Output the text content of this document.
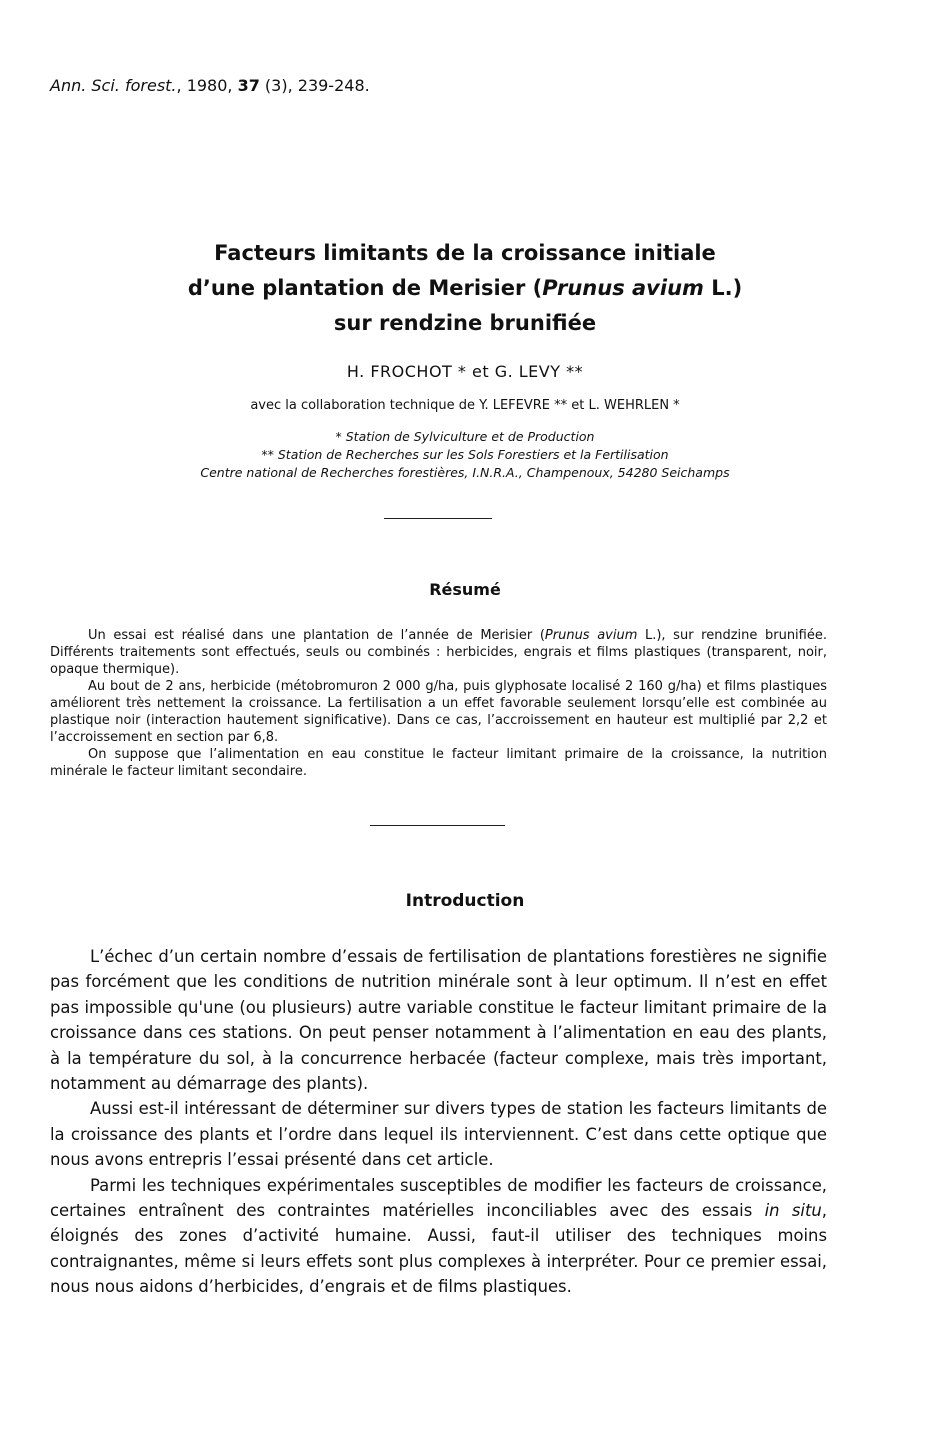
Ann. Sci. forest., 1980, 37 (3), 239-248.
Facteurs limitants de la croissance initiale
d’une plantation de Merisier (Prunus avium L.)
sur rendzine brunifiée
H. FROCHOT * et G. LEVY **
avec la collaboration technique de Y. LEFEVRE ** et L. WEHRLEN *
* Station de Sylviculture et de Production
** Station de Recherches sur les Sols Forestiers et la Fertilisation
Centre national de Recherches forestières, I.N.R.A., Champenoux, 54280 Seichamps
Résumé

Un essai est réalisé dans une plantation de l’année de Merisier (Prunus avium L.), sur rendzine brunifiée. Différents traitements sont effectués, seuls ou combinés : herbicides, engrais et films plastiques (transparent, noir, opaque thermique).

Au bout de 2 ans, herbicide (métobromuron 2 000 g/ha, puis glyphosate localisé 2 160 g/ha) et films plastiques améliorent très nettement la croissance. La fertilisation a un effet favorable seulement lorsqu’elle est combinée au plastique noir (interaction hautement significative). Dans ce cas, l’accroissement en hauteur est multiplié par 2,2 et l’accroissement en section par 6,8.

On suppose que l’alimentation en eau constitue le facteur limitant primaire de la croissance, la nutrition minérale le facteur limitant secondaire.

Introduction

L’échec d’un certain nombre d’essais de fertilisation de plantations forestières ne signifie pas forcément que les conditions de nutrition minérale sont à leur optimum. Il n’est en effet pas impossible qu'une (ou plusieurs) autre variable constitue le facteur limitant primaire de la croissance dans ces stations. On peut penser notamment à l’alimentation en eau des plants, à la température du sol, à la concurrence herbacée (facteur complexe, mais très important, notamment au démarrage des plants).

Aussi est-il intéressant de déterminer sur divers types de station les facteurs limitants de la croissance des plants et l’ordre dans lequel ils interviennent. C’est dans cette optique que nous avons entrepris l’essai présenté dans cet article.

Parmi les techniques expérimentales susceptibles de modifier les facteurs de croissance, certaines entraînent des contraintes matérielles inconciliables avec des essais in situ, éloignés des zones d’activité humaine. Aussi, faut-il utiliser des techniques moins contraignantes, même si leurs effets sont plus complexes à interpréter. Pour ce premier essai, nous nous aidons d’herbicides, d’engrais et de films plastiques.
